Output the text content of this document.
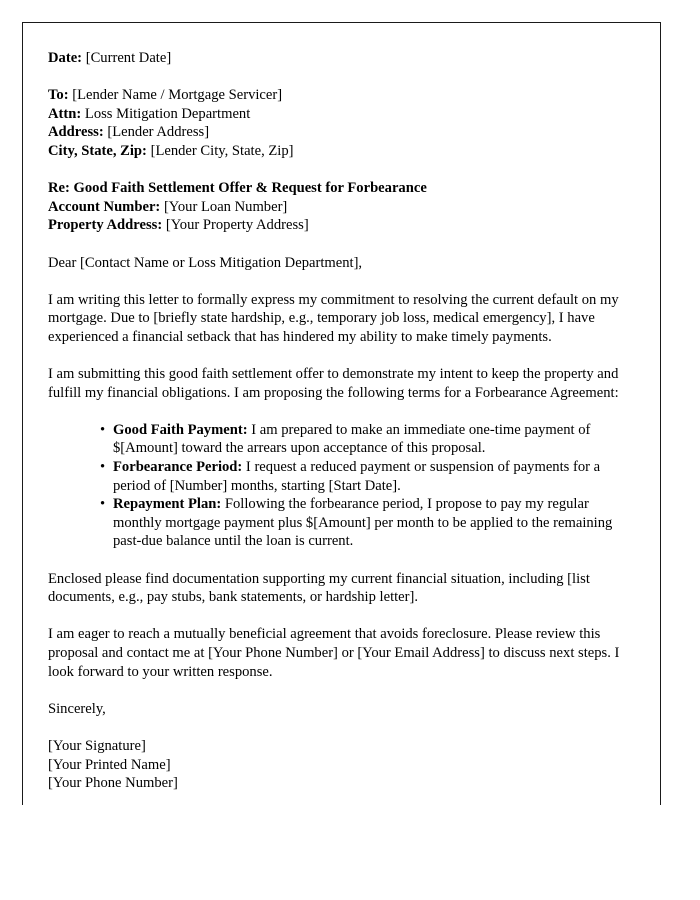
Date: [Current Date]
To: [Lender Name / Mortgage Servicer]
Attn: Loss Mitigation Department
Address: [Lender Address]
City, State, Zip: [Lender City, State, Zip]
Re: Good Faith Settlement Offer & Request for Forbearance
Account Number: [Your Loan Number]
Property Address: [Your Property Address]
Dear [Contact Name or Loss Mitigation Department],
I am writing this letter to formally express my commitment to resolving the current default on my mortgage. Due to [briefly state hardship, e.g., temporary job loss, medical emergency], I have experienced a financial setback that has hindered my ability to make timely payments.
I am submitting this good faith settlement offer to demonstrate my intent to keep the property and fulfill my financial obligations. I am proposing the following terms for a Forbearance Agreement:
• Good Faith Payment: I am prepared to make an immediate one-time payment of $[Amount] toward the arrears upon acceptance of this proposal.
• Forbearance Period: I request a reduced payment or suspension of payments for a period of [Number] months, starting [Start Date].
• Repayment Plan: Following the forbearance period, I propose to pay my regular monthly mortgage payment plus $[Amount] per month to be applied to the remaining past-due balance until the loan is current.
Enclosed please find documentation supporting my current financial situation, including [list documents, e.g., pay stubs, bank statements, or hardship letter].
I am eager to reach a mutually beneficial agreement that avoids foreclosure. Please review this proposal and contact me at [Your Phone Number] or [Your Email Address] to discuss next steps. I look forward to your written response.
Sincerely,
[Your Signature]
[Your Printed Name]
[Your Phone Number]
